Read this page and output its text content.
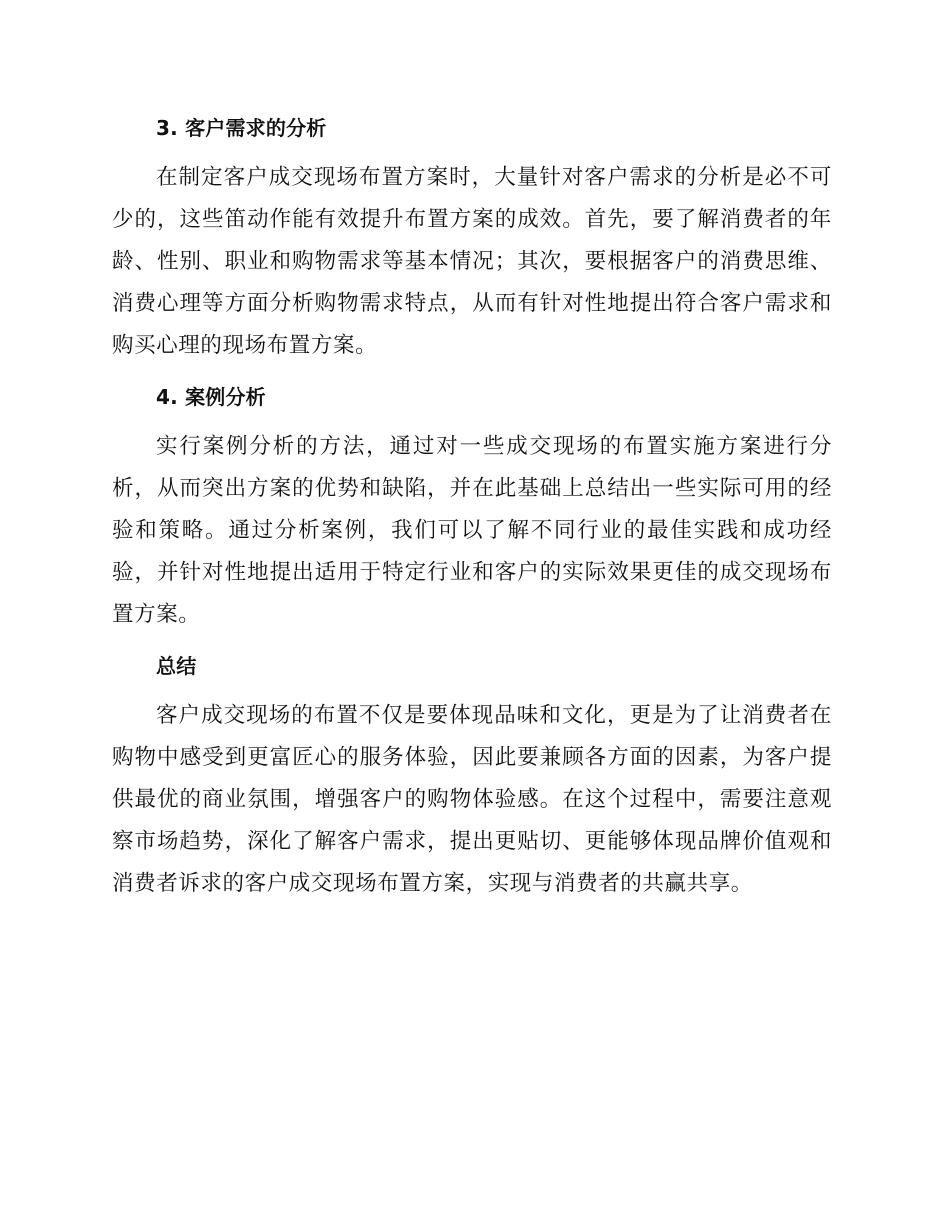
3. 客户需求的分析

在制定客户成交现场布置方案时，大量针对客户需求的分析是必不可少的，这些笛动作能有效提升布置方案的成效。首先，要了解消费者的年龄、性别、职业和购物需求等基本情况；其次，要根据客户的消费思维、消费心理等方面分析购物需求特点，从而有针对性地提出符合客户需求和购买心理的现场布置方案。

4. 案例分析

实行案例分析的方法，通过对一些成交现场的布置实施方案进行分析，从而突出方案的优势和缺陷，并在此基础上总结出一些实际可用的经验和策略。通过分析案例，我们可以了解不同行业的最佳实践和成功经验，并针对性地提出适用于特定行业和客户的实际效果更佳的成交现场布置方案。

总结

客户成交现场的布置不仅是要体现品味和文化，更是为了让消费者在购物中感受到更富匠心的服务体验，因此要兼顾各方面的因素，为客户提供最优的商业氛围，增强客户的购物体验感。在这个过程中，需要注意观察市场趋势，深化了解客户需求，提出更贴切、更能够体现品牌价值观和消费者诉求的客户成交现场布置方案，实现与消费者的共赢共享。
